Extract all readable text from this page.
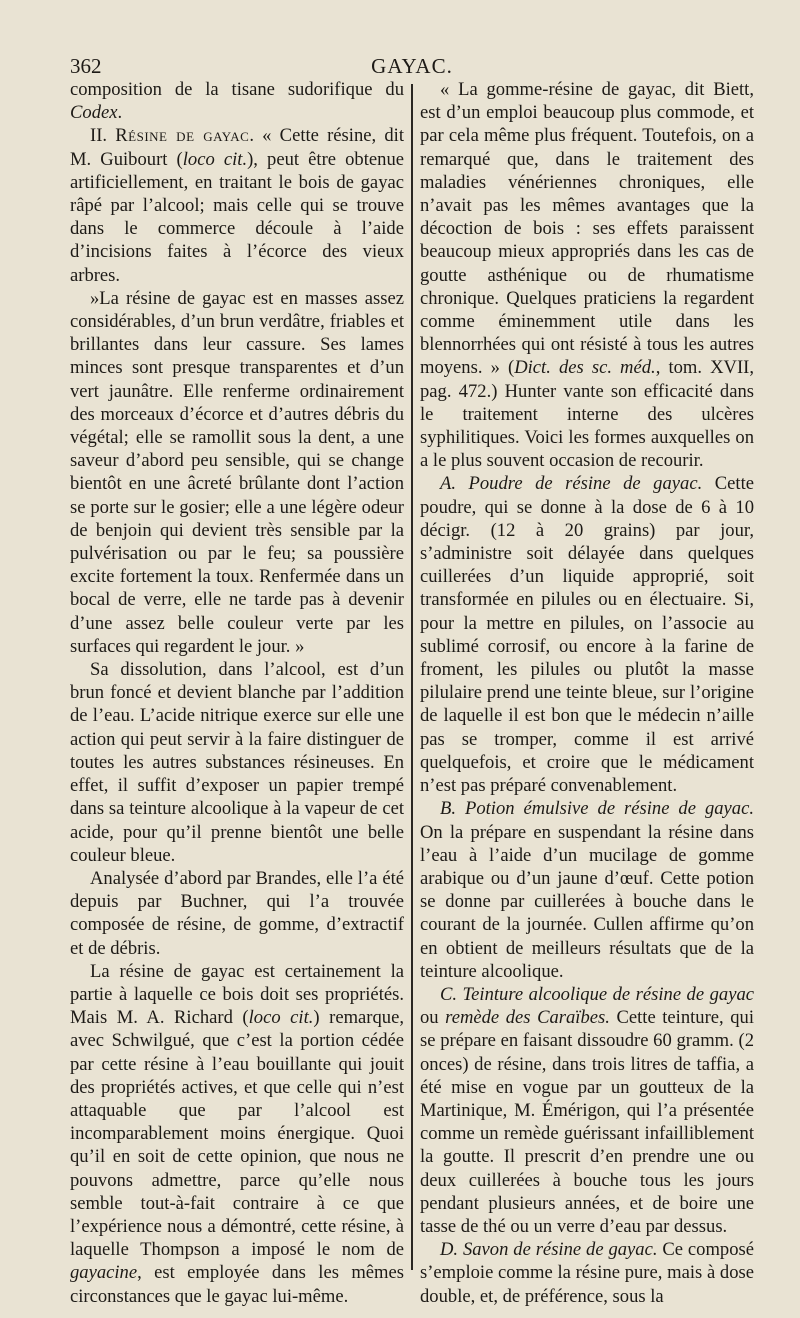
362	GAYAC.

composition de la tisane sudorifique du Codex.

II. Résine de gayac. « Cette résine, dit M. Guibourt (loco cit.), peut être obtenue artificiellement, en traitant le bois de gayac râpé par l’alcool; mais celle qui se trouve dans le commerce découle à l’aide d’incisions faites à l’écorce des vieux arbres.

»La résine de gayac est en masses assez considérables, d’un brun verdâtre, friables et brillantes dans leur cassure. Ses lames minces sont presque transparentes et d’un vert jaunâtre. Elle renferme ordinairement des morceaux d’écorce et d’autres débris du végétal; elle se ramollit sous la dent, a une saveur d’abord peu sensible, qui se change bientôt en une âcreté brûlante dont l’action se porte sur le gosier; elle a une légère odeur de benjoin qui devient très sensible par la pulvérisation ou par le feu; sa poussière excite fortement la toux. Renfermée dans un bocal de verre, elle ne tarde pas à devenir d’une assez belle couleur verte par les surfaces qui regardent le jour. »

Sa dissolution, dans l’alcool, est d’un brun foncé et devient blanche par l’addition de l’eau. L’acide nitrique exerce sur elle une action qui peut servir à la faire distinguer de toutes les autres substances résineuses. En effet, il suffit d’exposer un papier trempé dans sa teinture alcoolique à la vapeur de cet acide, pour qu’il prenne bientôt une belle couleur bleue.

Analysée d’abord par Brandes, elle l’a été depuis par Buchner, qui l’a trouvée composée de résine, de gomme, d’extractif et de débris.

La résine de gayac est certainement la partie à laquelle ce bois doit ses propriétés. Mais M. A. Richard (loco cit.) remarque, avec Schwilgué, que c’est la portion cédée par cette résine à l’eau bouillante qui jouit des propriétés actives, et que celle qui n’est attaquable que par l’alcool est incomparablement moins énergique. Quoi qu’il en soit de cette opinion, que nous ne pouvons admettre, parce qu’elle nous semble tout-à-fait contraire à ce que l’expérience nous a démontré, cette résine, à laquelle Thompson a imposé le nom de gayacine, est employée dans les mêmes circonstances que le gayac lui-même.

« La gomme-résine de gayac, dit Biett, est d’un emploi beaucoup plus commode, et par cela même plus fréquent. Toutefois, on a remarqué que, dans le traitement des maladies vénériennes chroniques, elle n’avait pas les mêmes avantages que la décoction de bois : ses effets paraissent beaucoup mieux appropriés dans les cas de goutte asthénique ou de rhumatisme chronique. Quelques praticiens la regardent comme éminemment utile dans les blennorrhées qui ont résisté à tous les autres moyens. » (Dict. des sc. méd., tom. XVII, pag. 472.) Hunter vante son efficacité dans le traitement interne des ulcères syphilitiques. Voici les formes auxquelles on a le plus souvent occasion de recourir.

A. Poudre de résine de gayac. Cette poudre, qui se donne à la dose de 6 à 10 décigr. (12 à 20 grains) par jour, s’administre soit délayée dans quelques cuillerées d’un liquide approprié, soit transformée en pilules ou en électuaire. Si, pour la mettre en pilules, on l’associe au sublimé corrosif, ou encore à la farine de froment, les pilules ou plutôt la masse pilulaire prend une teinte bleue, sur l’origine de laquelle il est bon que le médecin n’aille pas se tromper, comme il est arrivé quelquefois, et croire que le médicament n’est pas préparé convenablement.

B. Potion émulsive de résine de gayac. On la prépare en suspendant la résine dans l’eau à l’aide d’un mucilage de gomme arabique ou d’un jaune d’œuf. Cette potion se donne par cuillerées à bouche dans le courant de la journée. Cullen affirme qu’on en obtient de meilleurs résultats que de la teinture alcoolique.

C. Teinture alcoolique de résine de gayac ou remède des Caraïbes. Cette teinture, qui se prépare en faisant dissoudre 60 gramm. (2 onces) de résine, dans trois litres de taffia, a été mise en vogue par un goutteux de la Martinique, M. Émérigon, qui l’a présentée comme un remède guérissant infailliblement la goutte. Il prescrit d’en prendre une ou deux cuillerées à bouche tous les jours pendant plusieurs années, et de boire une tasse de thé ou un verre d’eau par dessus.

D. Savon de résine de gayac. Ce composé s’emploie comme la résine pure, mais à dose double, et, de préférence, sous la
